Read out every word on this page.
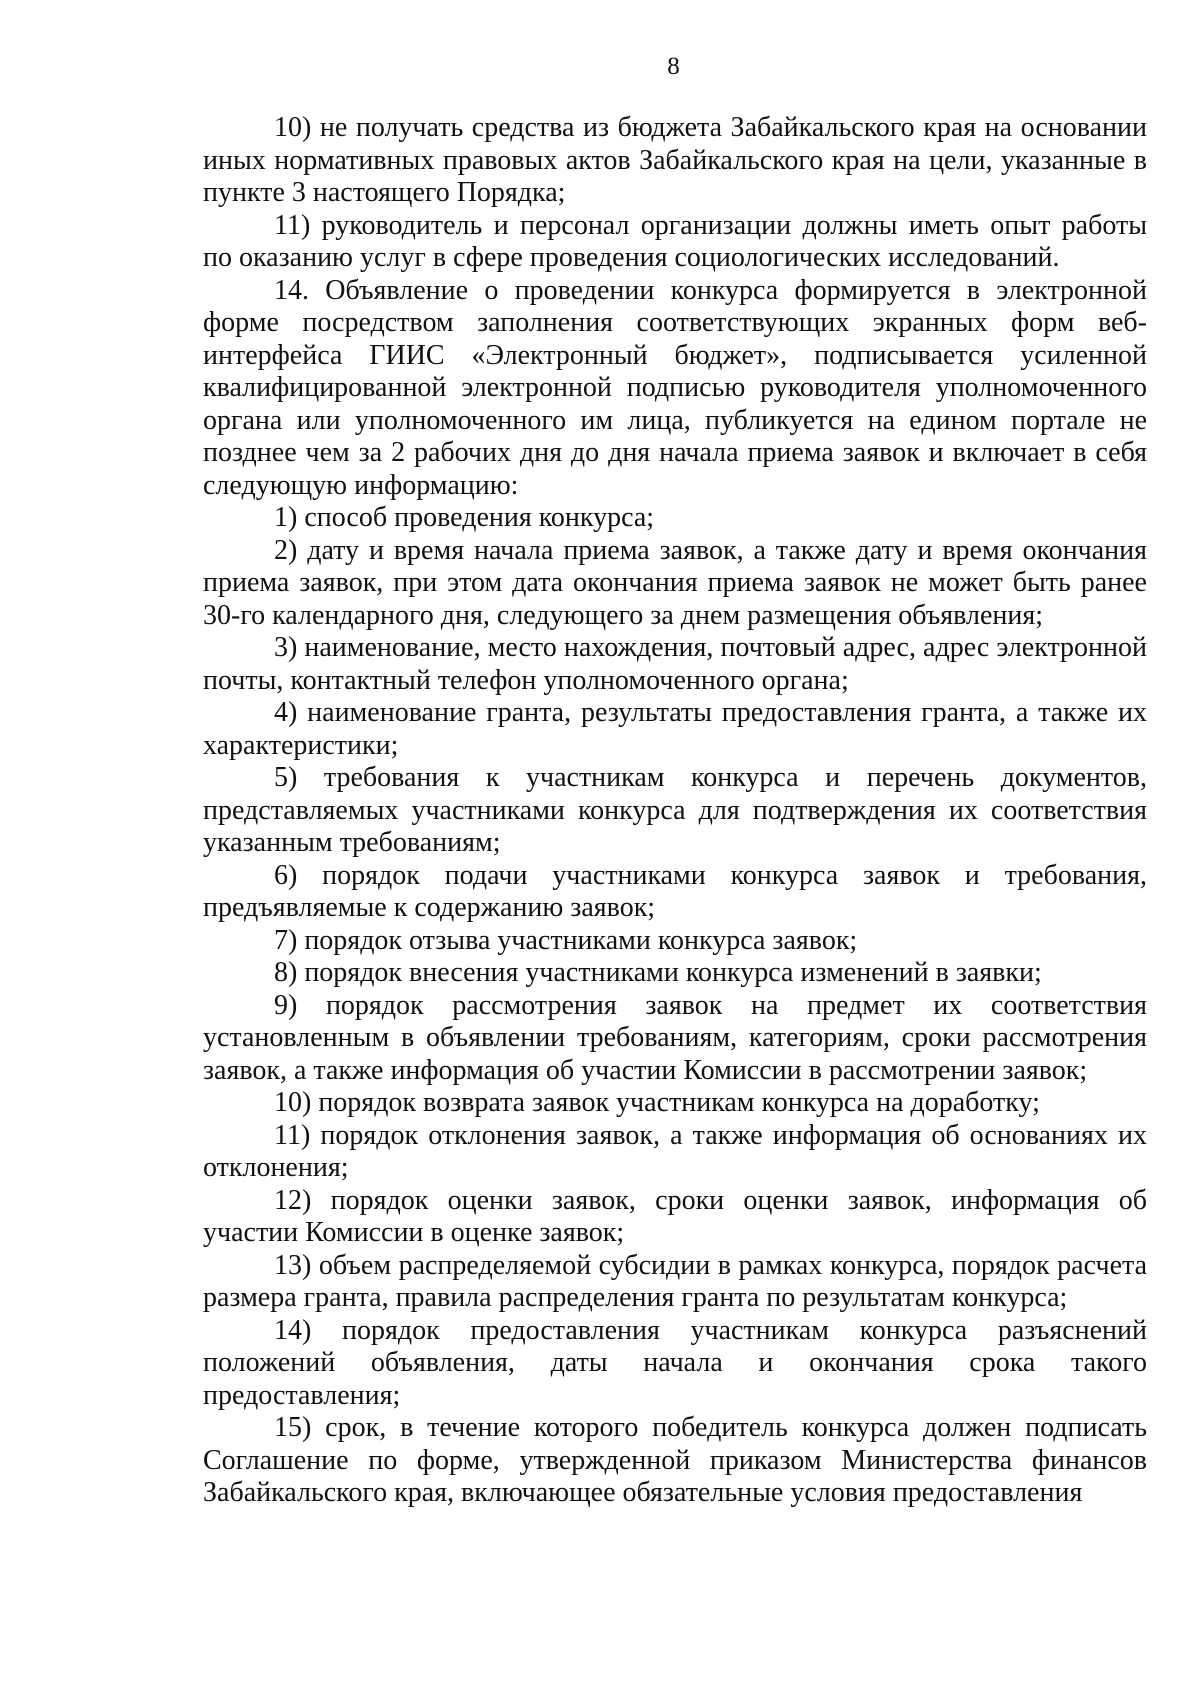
8

10) не получать средства из бюджета Забайкальского края на основании иных нормативных правовых актов Забайкальского края на цели, указанные в пункте 3 настоящего Порядка;

11) руководитель и персонал организации должны иметь опыт работы по оказанию услуг в сфере проведения социологических исследований.

14. Объявление о проведении конкурса формируется в электронной форме посредством заполнения соответствующих экранных форм веб-интерфейса ГИИС «Электронный бюджет», подписывается усиленной квалифицированной электронной подписью руководителя уполномоченного органа или уполномоченного им лица, публикуется на едином портале не позднее чем за 2 рабочих дня до дня начала приема заявок и включает в себя следующую информацию:

1) способ проведения конкурса;

2) дату и время начала приема заявок, а также дату и время окончания приема заявок, при этом дата окончания приема заявок не может быть ранее 30-го календарного дня, следующего за днем размещения объявления;

3) наименование, место нахождения, почтовый адрес, адрес электронной почты, контактный телефон уполномоченного органа;

4) наименование гранта, результаты предоставления гранта, а также их характеристики;

5) требования к участникам конкурса и перечень документов, представляемых участниками конкурса для подтверждения их соответствия указанным требованиям;

6) порядок подачи участниками конкурса заявок и требования, предъявляемые к содержанию заявок;

7) порядок отзыва участниками конкурса заявок;

8) порядок внесения участниками конкурса изменений в заявки;

9) порядок рассмотрения заявок на предмет их соответствия установленным в объявлении требованиям, категориям, сроки рассмотрения заявок, а также информация об участии Комиссии в рассмотрении заявок;

10) порядок возврата заявок участникам конкурса на доработку;

11) порядок отклонения заявок, а также информация об основаниях их отклонения;

12) порядок оценки заявок, сроки оценки заявок, информация об участии Комиссии в оценке заявок;

13) объем распределяемой субсидии в рамках конкурса, порядок расчета размера гранта, правила распределения гранта по результатам конкурса;

14) порядок предоставления участникам конкурса разъяснений положений объявления, даты начала и окончания срока такого предоставления;

15) срок, в течение которого победитель конкурса должен подписать Соглашение по форме, утвержденной приказом Министерства финансов Забайкальского края, включающее обязательные условия предоставления
